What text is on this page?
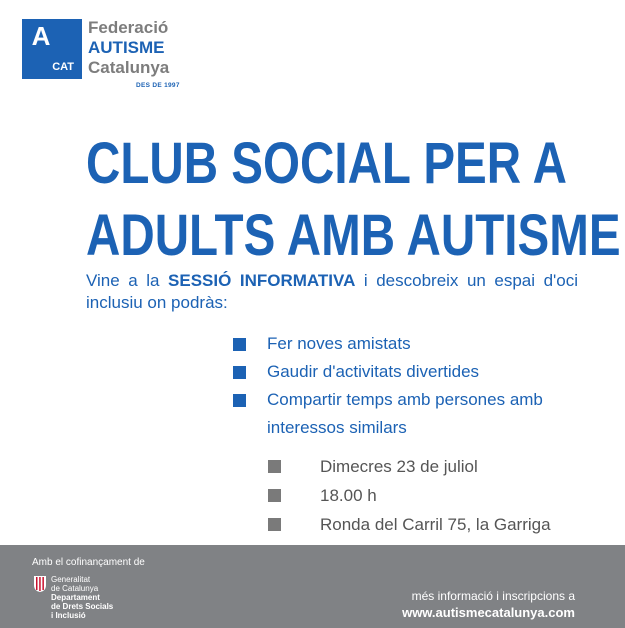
A
CAT
Federació
AUTISME
Catalunya
DES DE 1997
CLUB SOCIAL PER A
ADULTS AMB AUTISME
Vine a la SESSIÓ INFORMATIVA i descobreix un espai d'oci inclusiu on podràs:
Fer noves amistats
Gaudir d'activitats divertides
Compartir temps amb persones amb interessos similars
Dimecres 23 de juliol
18.00 h
Ronda del Carril 75, la Garriga
Amb el cofinançament de
Generalitat
de Catalunya
Departament
de Drets Socials
i Inclusió
més informació i inscripcions a
www.autismecatalunya.com
